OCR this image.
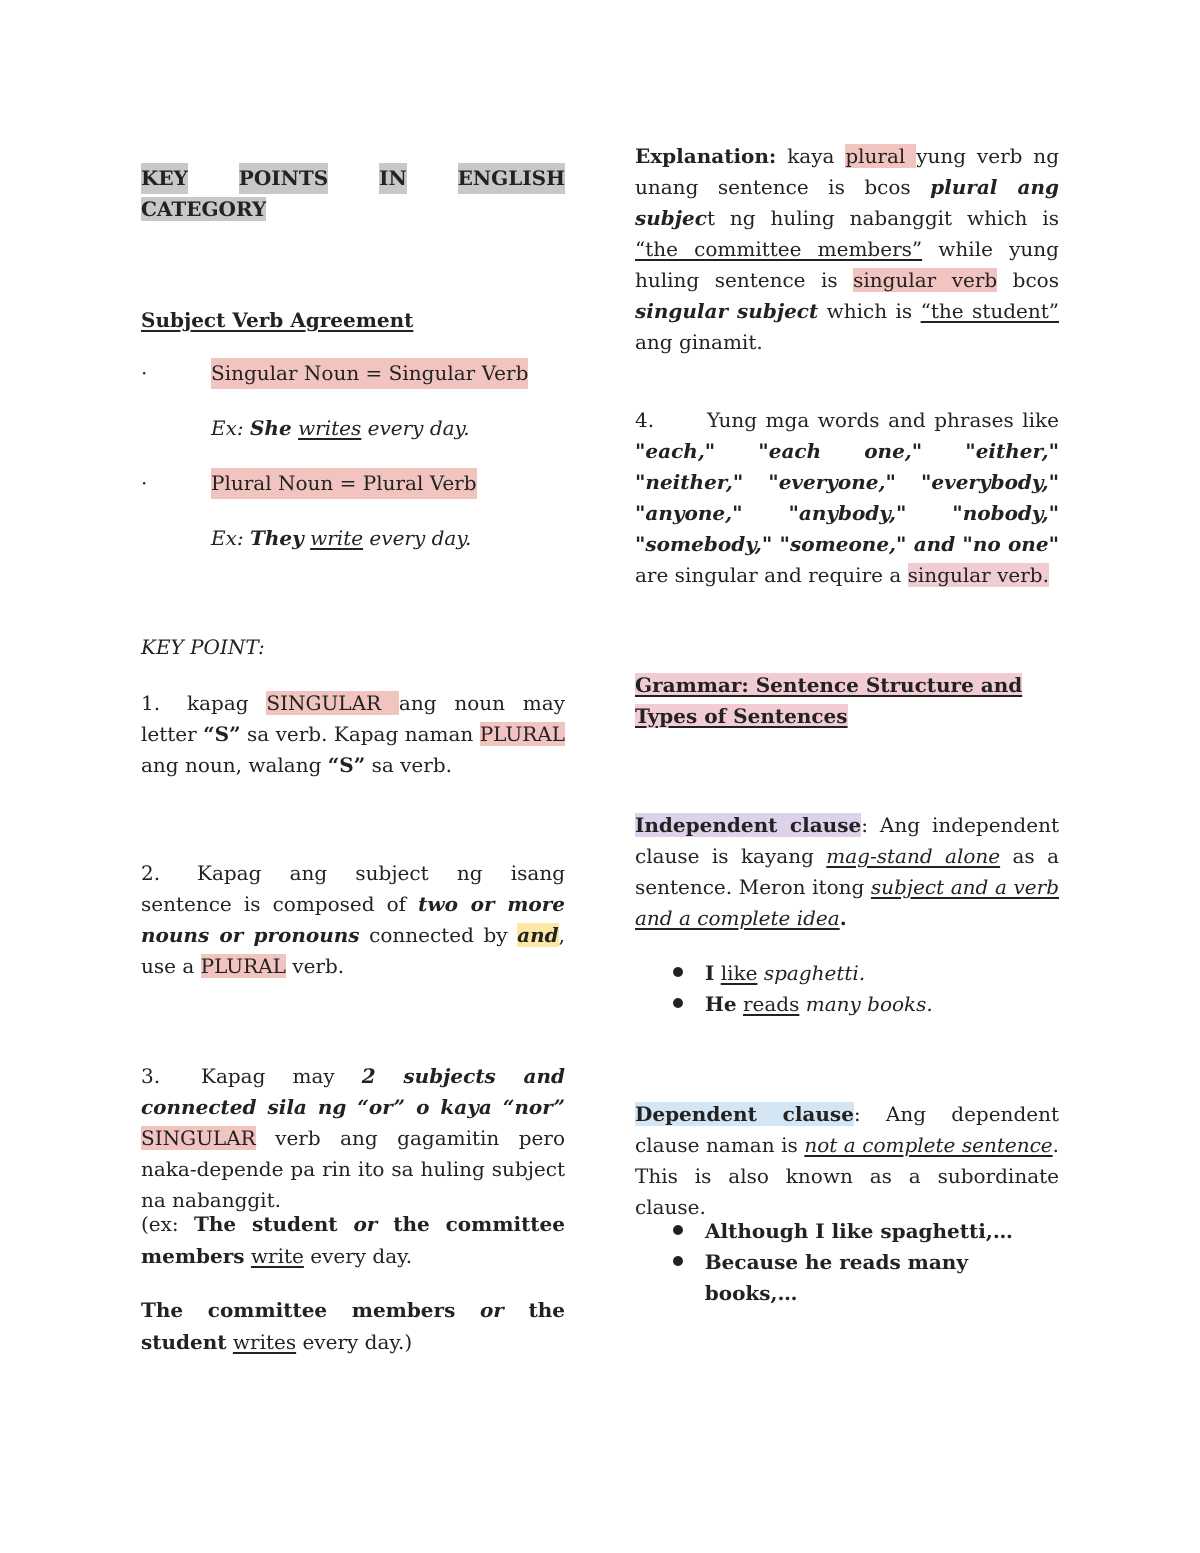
KEY	POINTS	IN	ENGLISH
CATEGORY
Subject Verb Agreement
·	Singular Noun = Singular Verb
Ex: She writes every day.
·	Plural Noun = Plural Verb
Ex: They write every day.
KEY POINT:
1. kapag SINGULAR ang noun may letter “S” sa verb. Kapag naman PLURAL ang noun, walang “S” sa verb.
2. Kapag ang subject ng isang sentence is composed of two or more nouns or pronouns connected by and, use a PLURAL verb.
3. Kapag may 2 subjects and connected sila ng “or” o kaya “nor” SINGULAR verb ang gagamitin pero naka-depende pa rin ito sa huling subject na nabanggit.
(ex: The student or the committee members write every day.
The committee members or the student writes every day.)
Explanation: kaya plural yung verb ng unang sentence is bcos plural ang subject ng huling nabanggit which is “the committee members” while yung huling sentence is singular verb bcos singular subject which is “the student” ang ginamit.
4.	Yung mga words and phrases like "each," "each one," "either," "neither," "everyone," "everybody," "anyone," "anybody," "nobody," "somebody," "someone," and "no one" are singular and require a singular verb.
Grammar: Sentence Structure and Types of Sentences
Independent clause: Ang independent clause is kayang mag-stand alone as a sentence. Meron itong subject and a verb and a complete idea.
I
like
spaghetti.
He
reads
many books.
Dependent clause: Ang dependent clause naman is not a complete sentence. This is also known as a subordinate clause.
Although I like spaghetti,…
Because he reads many books,…
